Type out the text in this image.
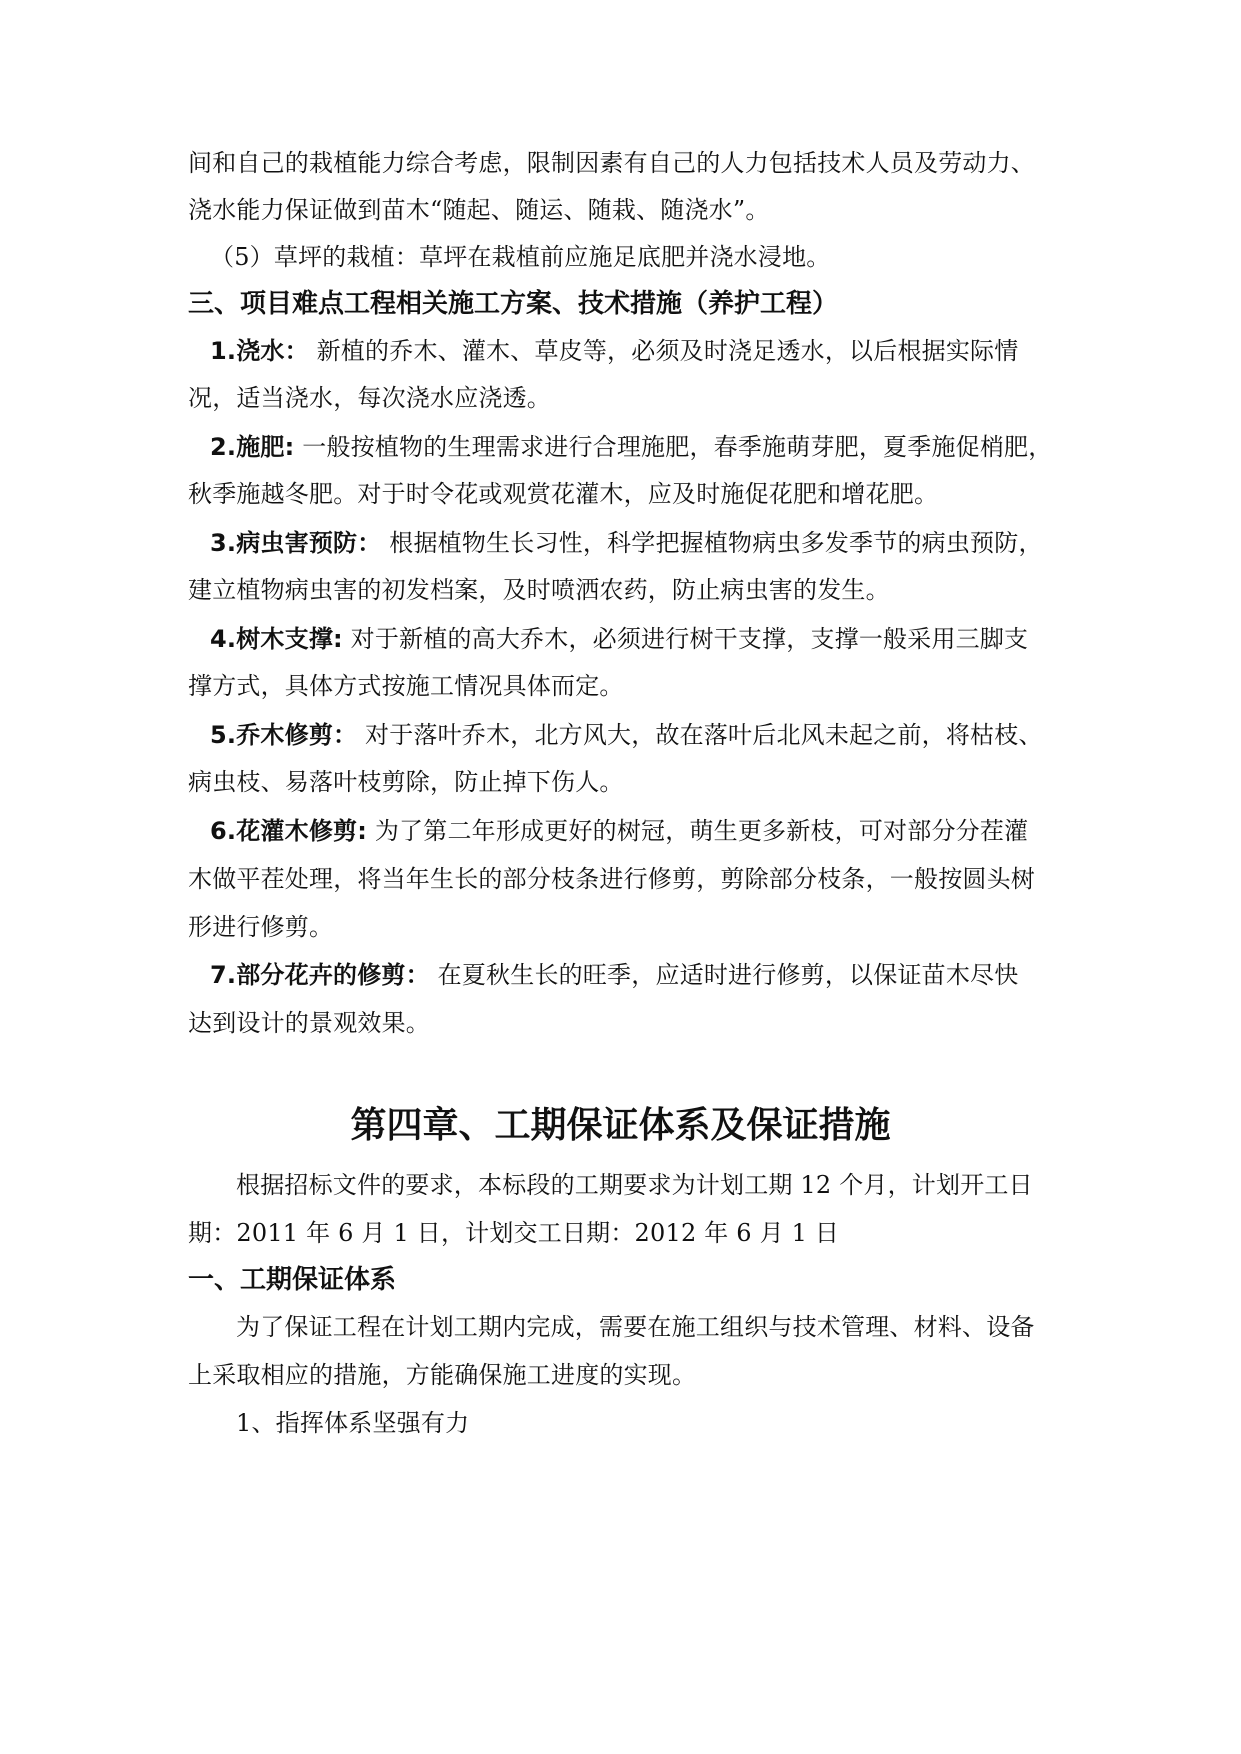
间和自己的栽植能力综合考虑，限制因素有自己的人力包括技术人员及劳动力、
浇水能力保证做到苗木“随起、随运、随栽、随浇水”。
（5）草坪的栽植：草坪在栽植前应施足底肥并浇水浸地。
三、项目难点工程相关施工方案、技术措施（养护工程）
1.浇水： 新植的乔木、灌木、草皮等，必须及时浇足透水，以后根据实际情
况，适当浇水，每次浇水应浇透。
2.施肥: 一般按植物的生理需求进行合理施肥，春季施萌芽肥，夏季施促梢肥，
秋季施越冬肥。对于时令花或观赏花灌木，应及时施促花肥和增花肥。
3.病虫害预防： 根据植物生长习性，科学把握植物病虫多发季节的病虫预防，
建立植物病虫害的初发档案，及时喷洒农药，防止病虫害的发生。
4.树木支撑: 对于新植的高大乔木，必须进行树干支撑，支撑一般采用三脚支
撑方式，具体方式按施工情况具体而定。
5.乔木修剪： 对于落叶乔木，北方风大，故在落叶后北风未起之前，将枯枝、
病虫枝、易落叶枝剪除，防止掉下伤人。
6.花灌木修剪: 为了第二年形成更好的树冠，萌生更多新枝，可对部分分茬灌
木做平茬处理，将当年生长的部分枝条进行修剪，剪除部分枝条，一般按圆头树
形进行修剪。
7.部分花卉的修剪： 在夏秋生长的旺季，应适时进行修剪，以保证苗木尽快
达到设计的景观效果。
第四章、工期保证体系及保证措施
根据招标文件的要求，本标段的工期要求为计划工期 12 个月，计划开工日
期：2011 年 6 月 1 日，计划交工日期：2012 年 6 月 1 日
一、工期保证体系
为了保证工程在计划工期内完成，需要在施工组织与技术管理、材料、设备
上采取相应的措施，方能确保施工进度的实现。
1、指挥体系坚强有力
